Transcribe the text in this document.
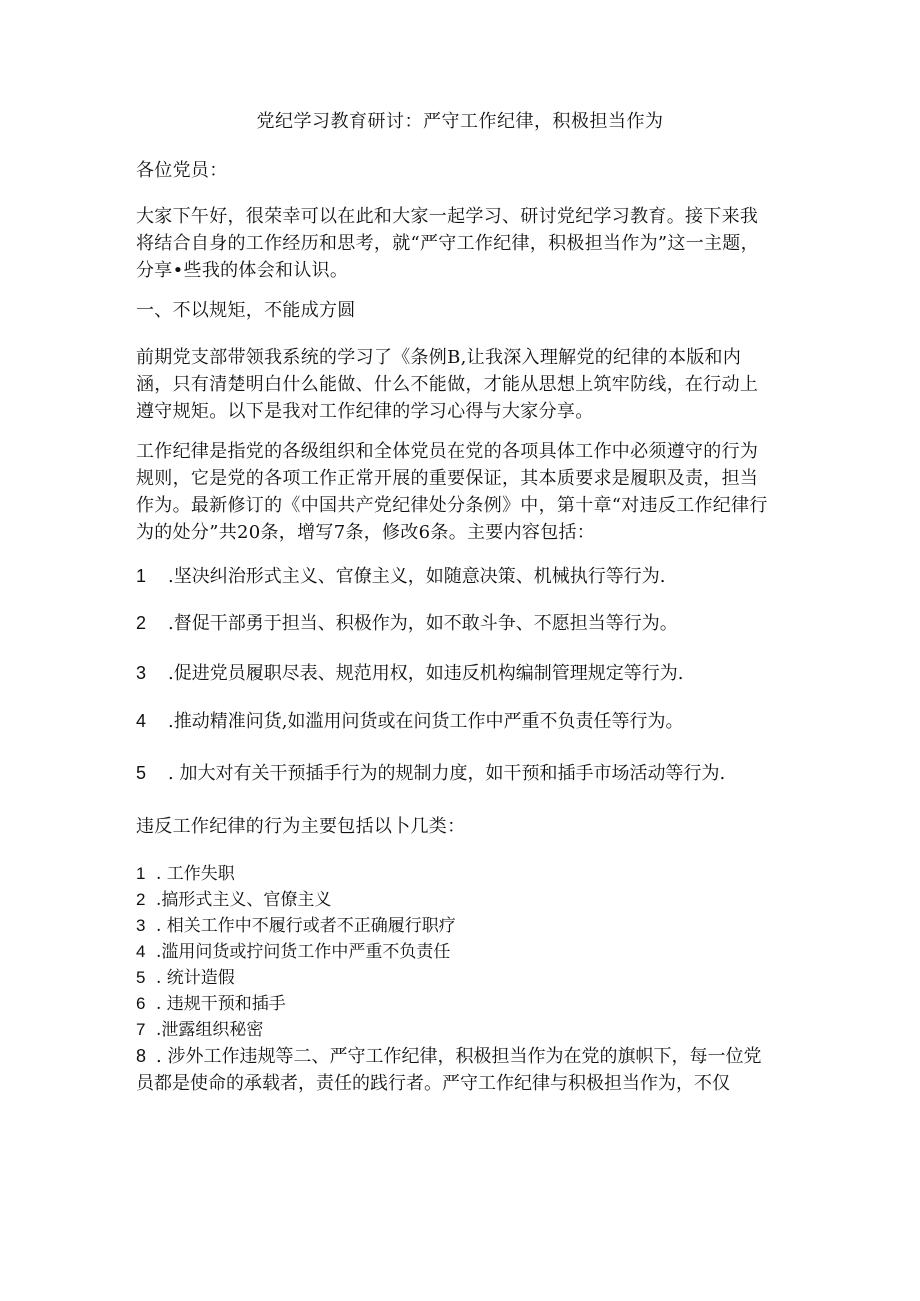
党纪学习教育研讨：严守工作纪律，积极担当作为

各位党员：

大家下午好，很荣幸可以在此和大家一起学习、研讨党纪学习教育。接下来我将结合自身的工作经历和思考，就“严守工作纪律，积极担当作为”这一主题，分享•些我的体会和认识。

一、不以规矩，不能成方圆

前期党支部带领我系统的学习了《条例B,让我深入理解党的纪律的本版和内涵，只有清楚明白什么能做、什么不能做，才能从思想上筑牢防线，在行动上遵守规矩。以下是我对工作纪律的学习心得与大家分享。

工作纪律是指党的各级组织和全体党员在党的各项具体工作中必须遵守的行为规则，它是党的各项工作正常开展的重要保证，其本质要求是履职及责，担当作为。最新修订的《中国共产党纪律处分条例》中，第十章“对违反工作纪律行为的处分”共20条，增写7条，修改6条。主要内容包括：

1 .坚决纠治形式主义、官僚主义，如随意决策、机械执行等行为.
2 .督促干部勇于担当、积极作为，如不敢斗争、不愿担当等行为。
3 .促进党员履职尽表、规范用权，如违反机构编制管理规定等行为.
4 .推动精准问货,如滥用问货或在问货工作中严重不负责任等行为。
5 . 加大对有关干预插手行为的规制力度，如干预和插手市场活动等行为.

违反工作纪律的行为主要包括以卜几类：

1 . 工作失职
2 .搞形式主义、官僚主义
3 . 相关工作中不履行或者不正确履行职疗
4 .滥用问货或拧问货工作中严重不负责任
5 . 统计造假
6 . 违规干预和插手
7 .泄露组织秘密
8 . 涉外工作违规等二、严守工作纪律，积极担当作为在党的旗帜下，每一位党员都是使命的承载者，责任的践行者。严守工作纪律与积极担当作为，不仅
